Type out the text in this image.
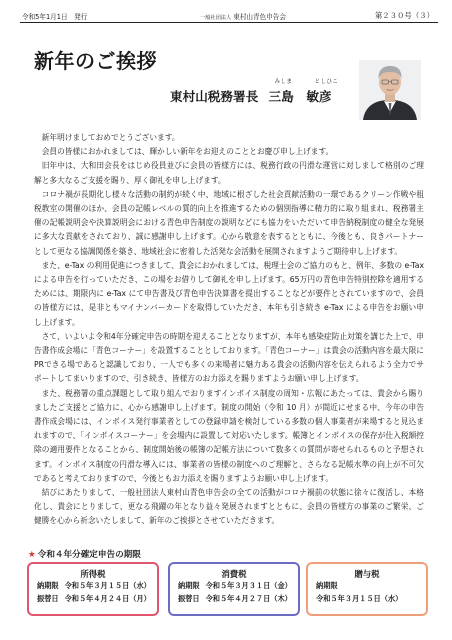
令和5年1月1日　発行	一般社団法人 東村山青色申告会	第２３０号（３）
新年のご挨拶
東村山税務署長
みしま	としひこ
三島　敏彦

新年明けましておめでとうございます。

会員の皆様におかれましては、輝かしい新年をお迎えのこととお慶び申し上げます。

旧年中は、大和田会長をはじめ役員並びに会員の皆様方には、税務行政の円滑な運営に対しまして格別のご理解と多大なるご支援を賜り、厚く御礼を申し上げます。

コロナ禍が長期化し様々な活動の制約が続く中、地域に根ざした社会貢献活動の一環であるクリーン作戦や租税教室の開催のほか、会員の記帳レベルの質的向上を推進するための個別指導に精力的に取り組まれ、税務署主催の記帳説明会や決算説明会における青色申告制度の説明などにも協力をいただいて申告納税制度の健全な発展に多大な貢献をされており、誠に感謝申し上げます。心から敬意を表するとともに、今後とも、良きパートナーとして更なる協調関係を築き、地域社会に密着した活発な会活動を展開されますようご期待申し上げます。

また、e-Tax の利用促進につきまして、貴会におかれましては、税理士会のご協力のもと、例年、多数の e-Tax による申告を行っていただき、この場をお借りして御礼を申し上げます。65万円の青色申告特別控除を適用するためには、期限内に e-Tax にて申告書及び青色申告決算書を提出することなどが要件とされていますので、会員の皆様方には、是非ともマイナンバーカードを取得していただき、本年も引き続き e-Tax による申告をお願い申し上げます。

さて、いよいよ令和4年分確定申告の時期を迎えることとなりますが、本年も感染症防止対策を講じた上で、申告書作成会場に「青色コーナー」を設置することとしております。「青色コーナー」は貴会の活動内容を最大限にPRできる場であると認識しており、一人でも多くの来場者に魅力ある貴会の活動内容を伝えられるよう全力でサポートしてまいりますので、引き続き、皆様方のお力添えを賜りますようお願い申し上げます。

また、税務署の重点課題として取り組んでおりますインボイス制度の周知・広報にあたっては、貴会から賜りましたご支援とご協力に、心から感謝申し上げます。制度の開始（令和 10 月）が間近にせまる中、今年の申告書作成会場には、インボイス発行事業者としての登録申請を検討している多数の個人事業者が来場すると見込まれますので、「インボイスコーナー」を会場内に設置して対応いたします。帳簿とインボイスの保存が仕入税額控除の適用要件となることから、制度開始後の帳簿の記帳方法について数多くの質問が寄せられるものと予想されます。インボイス制度の円滑な導入には、事業者の皆様の制度へのご理解と、さらなる記帳水準の向上が不可欠であると考えておりますので、今後ともお力添えを賜りますようお願い申し上げます。

結びにあたりまして、一般社団法人東村山青色申告会の全ての活動がコロナ禍前の状態に徐々に復活し、本格化し、貴会にとりまして、更なる飛躍の年となり益々発展されますとともに、会員の皆様方の事業のご繁栄、ご健勝を心から祈念いたしまして、新年のご挨拶とさせていただきます。

★ 令和４年分確定申告の期限
所得税
納期限 令和５年３月１５日（水）
振替日 令和５年４月２４日（月）
消費税
納期限 令和５年３月３１日（金）
振替日 令和５年４月２７日（木）
贈与税
納期限
令和５年３月１５日（水）
